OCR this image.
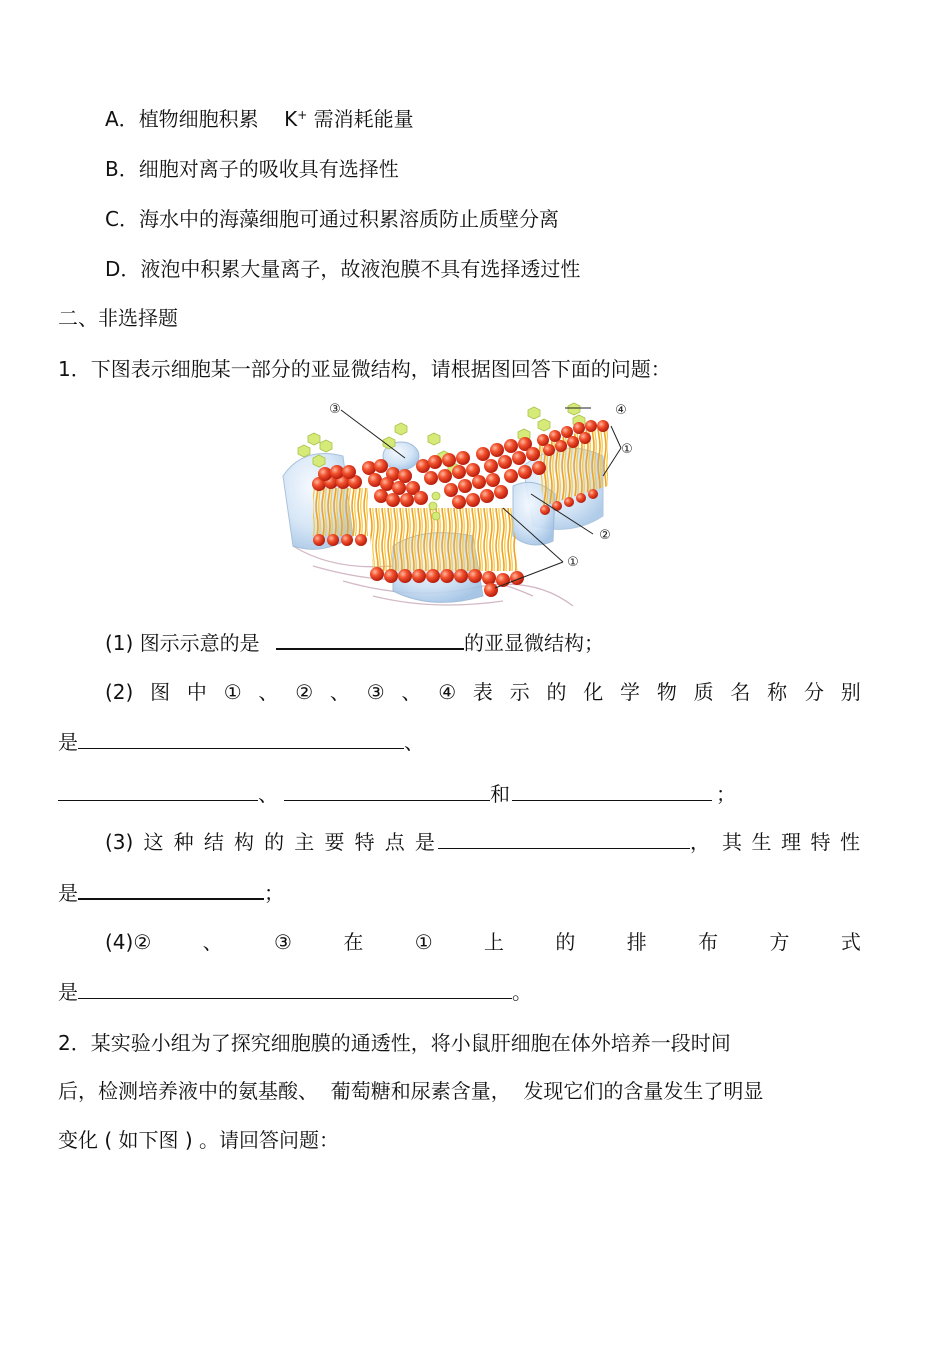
A．植物细胞积累 K+ 需消耗能量
B．细胞对离子的吸收具有选择性
C．海水中的海藻细胞可通过积累溶质防止质壁分离
D．液泡中积累大量离子，故液泡膜不具有选择透过性
二、非选择题
1．下图表示细胞某一部分的亚显微结构，请根据图回答下面的问题：
③	④
①
②
①
(1) 图示示意的是	的亚显微结构；
(2) 图 中 ① 、 ② 、 ③ 、 ④ 表 示 的 化 学 物 质 名 称 分 别
是	、
、	和	；
(3) 这 种 结 构 的 主 要 特 点 是	， 其 生 理 特 性
是	；
(4)②	、	③	在	①	上	的	排	布	方	式
是	。
2．某实验小组为了探究细胞膜的通透性，将小鼠肝细胞在体外培养一段时间
后，检测培养液中的氨基酸、  葡萄糖和尿素含量，  发现它们的含量发生了明显
变化 ( 如下图 ) 。请回答问题：
